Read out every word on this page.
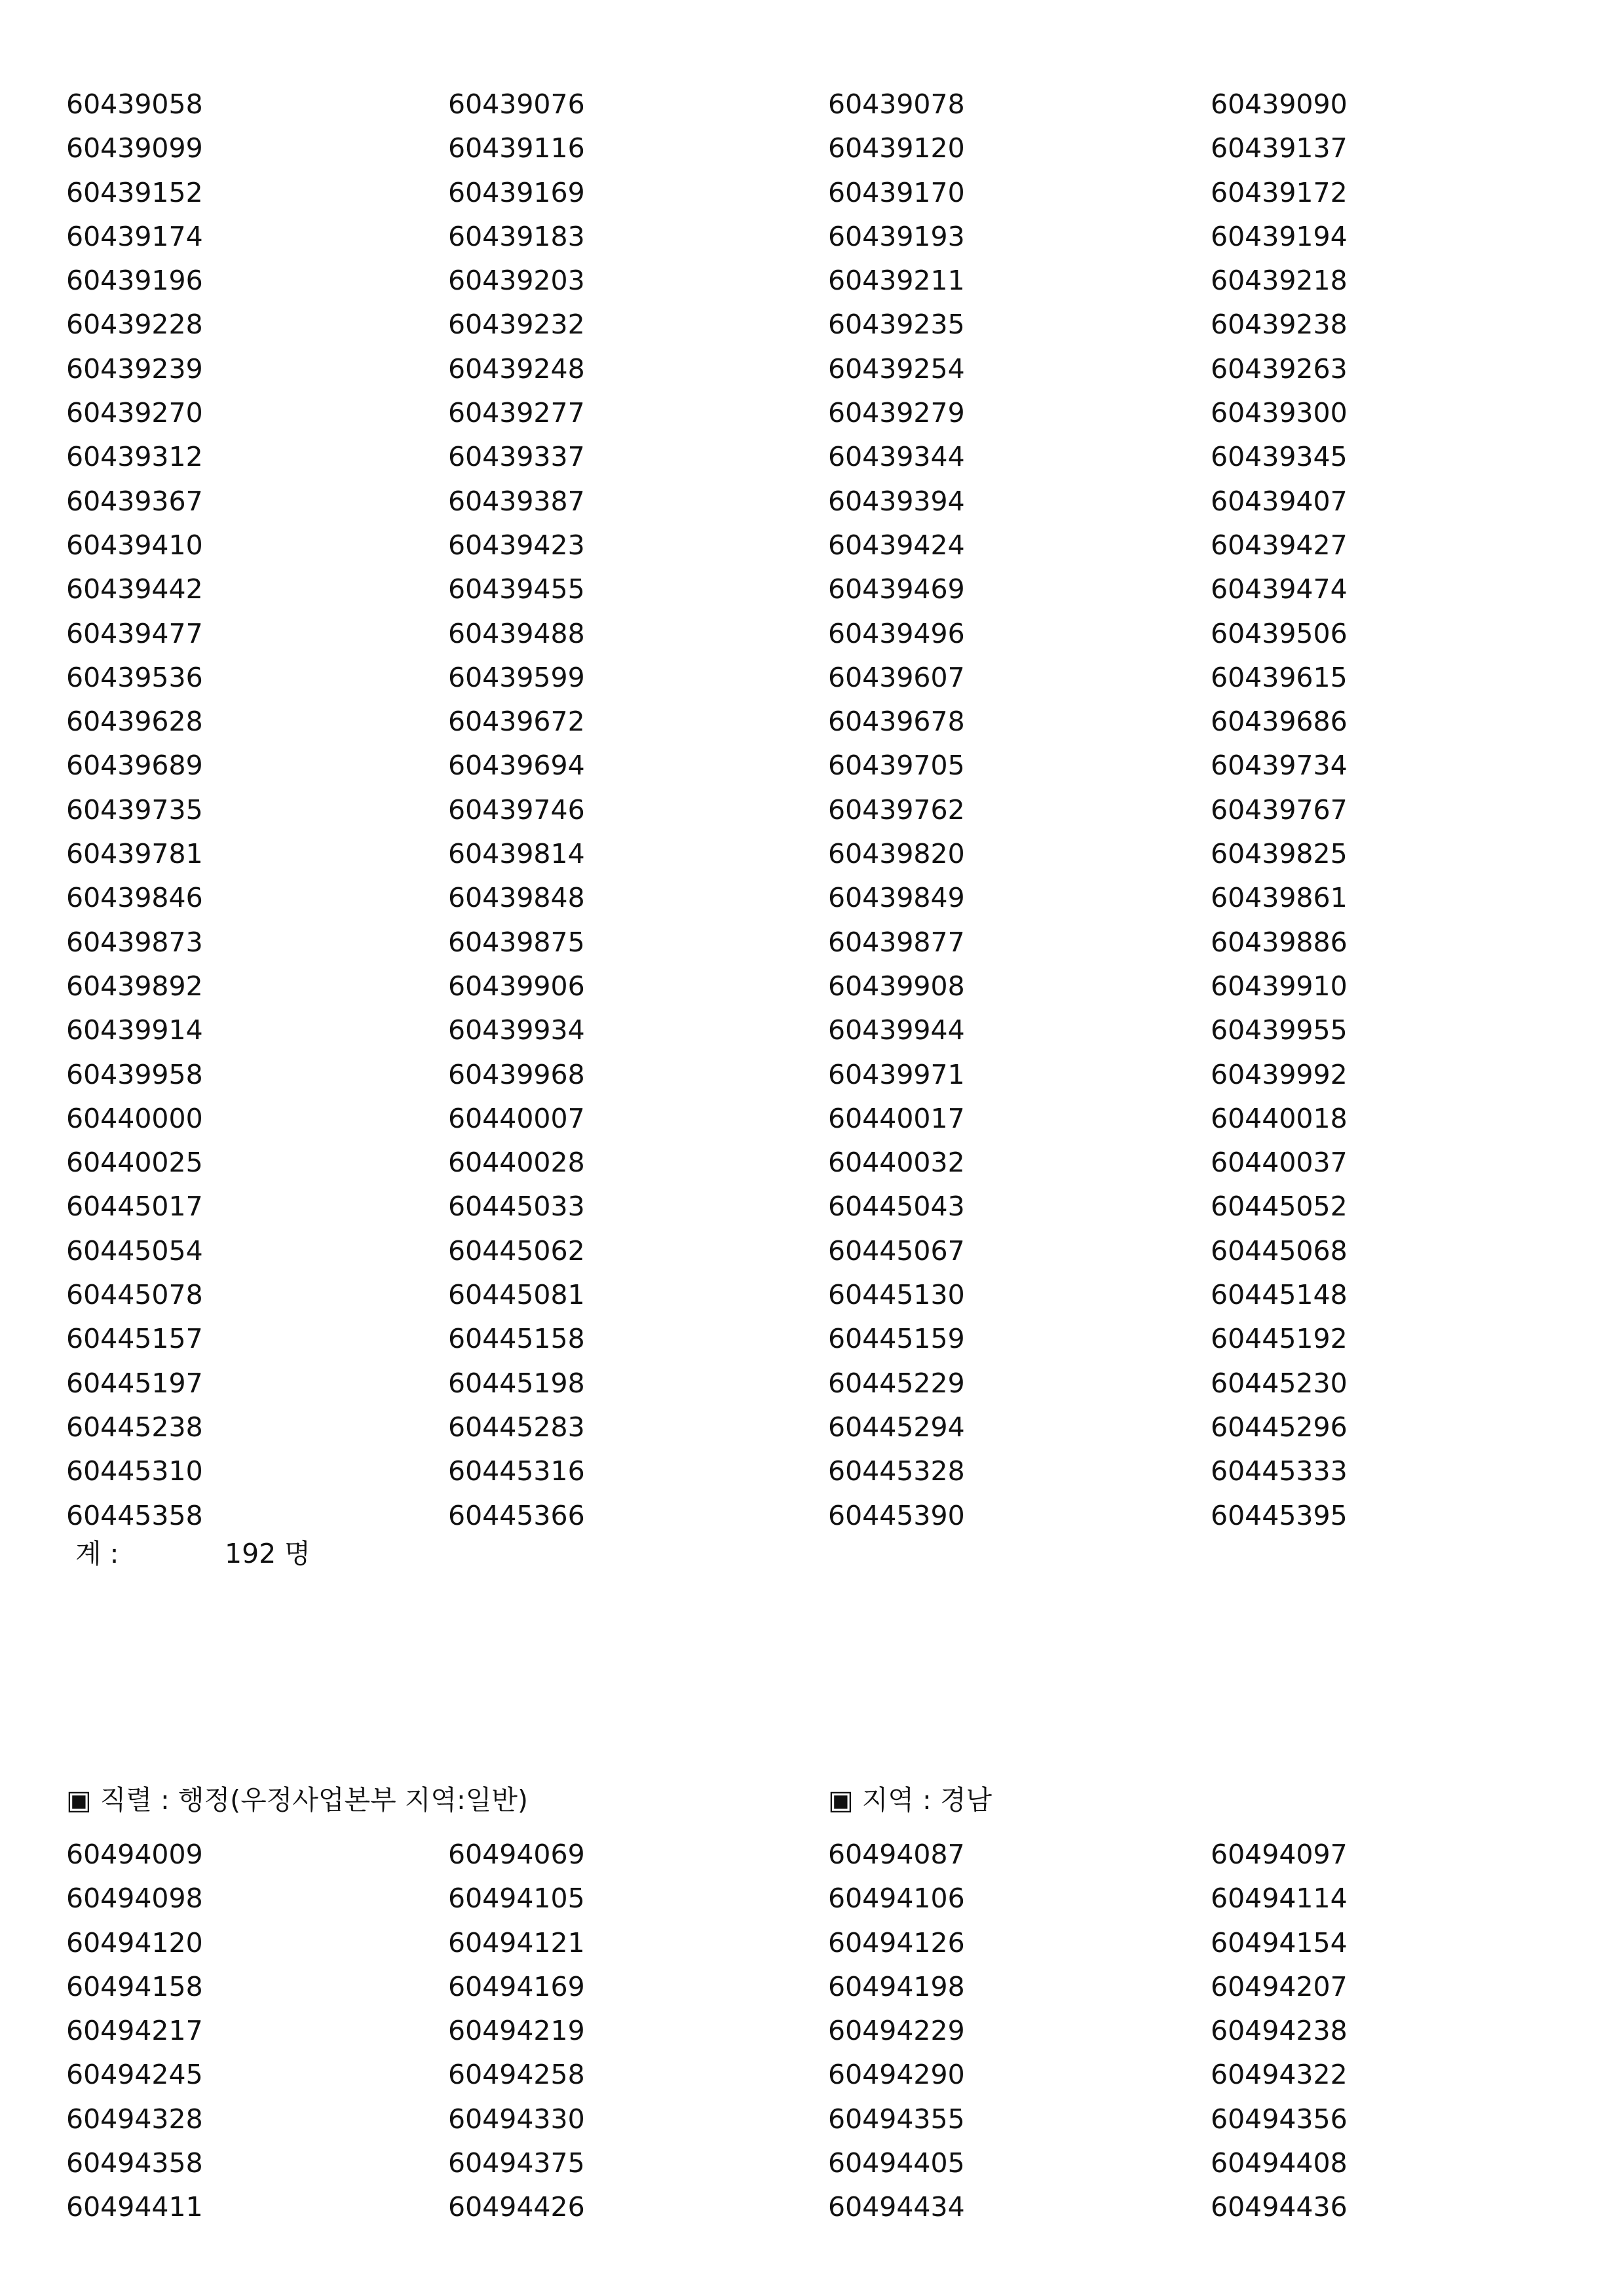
60439058	60439076	60439078	60439090
60439099	60439116	60439120	60439137
60439152	60439169	60439170	60439172
60439174	60439183	60439193	60439194
60439196	60439203	60439211	60439218
60439228	60439232	60439235	60439238
60439239	60439248	60439254	60439263
60439270	60439277	60439279	60439300
60439312	60439337	60439344	60439345
60439367	60439387	60439394	60439407
60439410	60439423	60439424	60439427
60439442	60439455	60439469	60439474
60439477	60439488	60439496	60439506
60439536	60439599	60439607	60439615
60439628	60439672	60439678	60439686
60439689	60439694	60439705	60439734
60439735	60439746	60439762	60439767
60439781	60439814	60439820	60439825
60439846	60439848	60439849	60439861
60439873	60439875	60439877	60439886
60439892	60439906	60439908	60439910
60439914	60439934	60439944	60439955
60439958	60439968	60439971	60439992
60440000	60440007	60440017	60440018
60440025	60440028	60440032	60440037
60445017	60445033	60445043	60445052
60445054	60445062	60445067	60445068
60445078	60445081	60445130	60445148
60445157	60445158	60445159	60445192
60445197	60445198	60445229	60445230
60445238	60445283	60445294	60445296
60445310	60445316	60445328	60445333
60445358	60445366	60445390	60445395
계 :	192 명
▣ 직렬 : 행정(우정사업본부 지역:일반)	▣ 지역 : 경남
60494009	60494069	60494087	60494097
60494098	60494105	60494106	60494114
60494120	60494121	60494126	60494154
60494158	60494169	60494198	60494207
60494217	60494219	60494229	60494238
60494245	60494258	60494290	60494322
60494328	60494330	60494355	60494356
60494358	60494375	60494405	60494408
60494411	60494426	60494434	60494436
